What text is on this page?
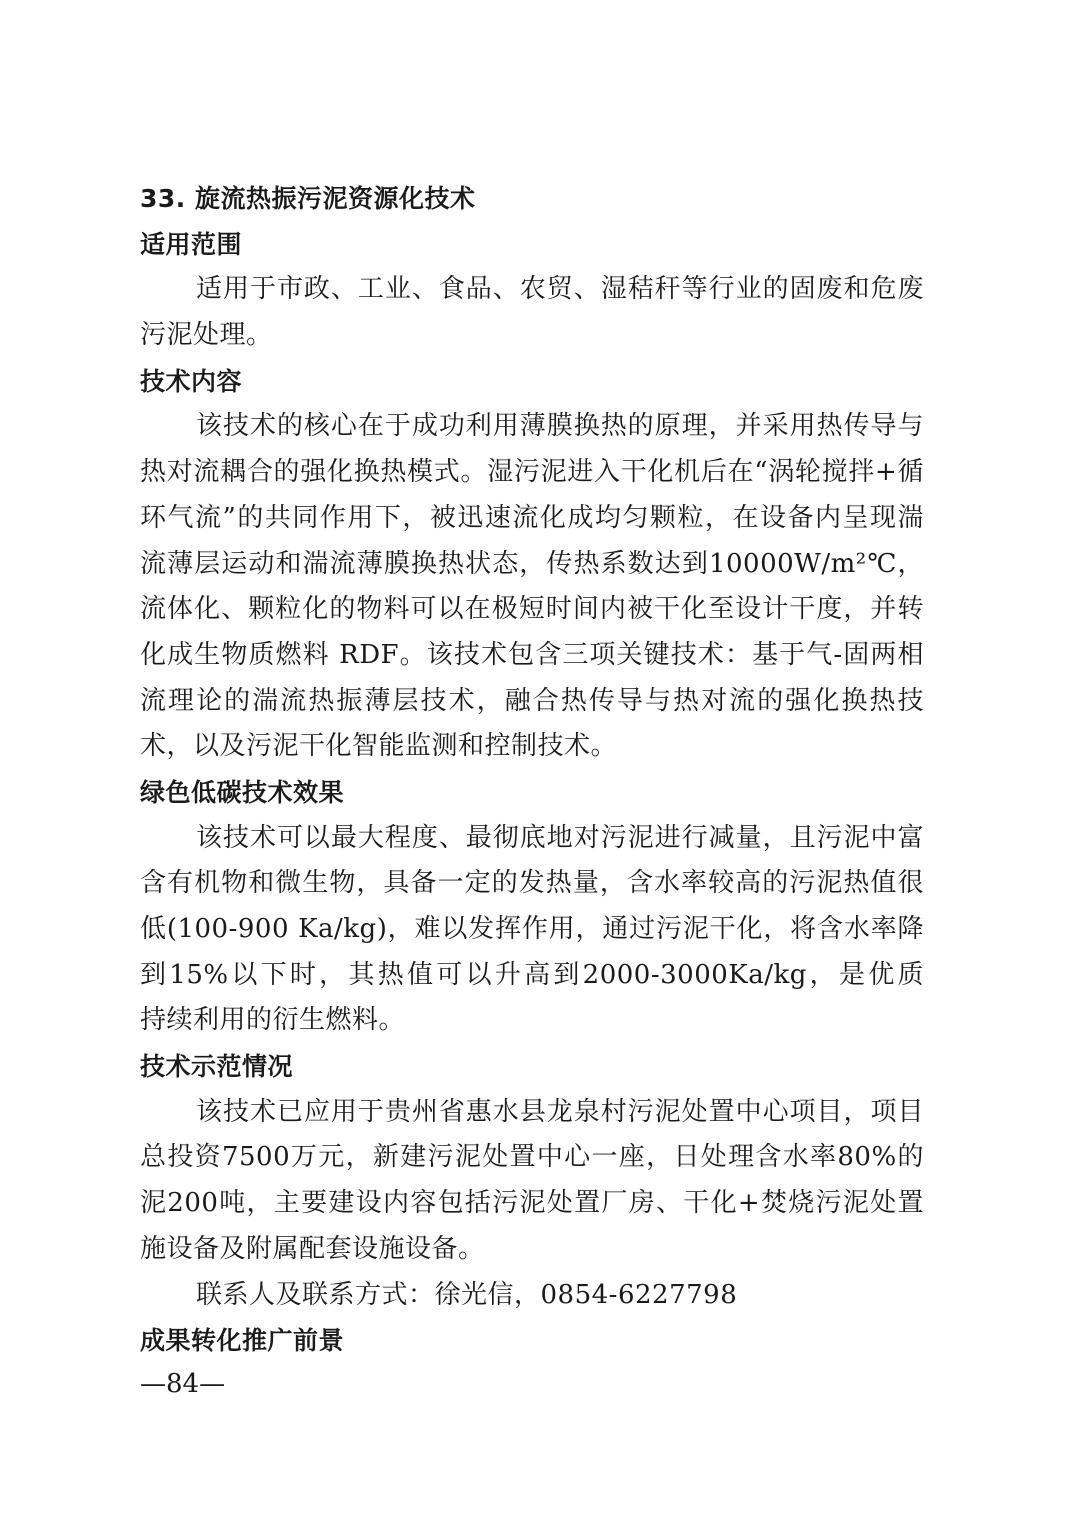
33. 旋流热振污泥资源化技术
适用范围
适用于市政、工业、食品、农贸、湿秸秆等行业的固废和危废
污泥处理。
技术内容
该技术的核心在于成功利用薄膜换热的原理，并采用热传导与
热对流耦合的强化换热模式。湿污泥进入干化机后在“涡轮搅拌+循
环气流”的共同作用下，被迅速流化成均匀颗粒，在设备内呈现湍
流薄层运动和湍流薄膜换热状态，传热系数达到10000W/m²℃，
流体化、颗粒化的物料可以在极短时间内被干化至设计干度，并转
化成生物质燃料 RDF。该技术包含三项关键技术：基于气-固两相
流理论的湍流热振薄层技术，融合热传导与热对流的强化换热技
术，以及污泥干化智能监测和控制技术。
绿色低碳技术效果
该技术可以最大程度、最彻底地对污泥进行减量，且污泥中富
含有机物和微生物，具备一定的发热量，含水率较高的污泥热值很
低(100-900 Ka/kg)，难以发挥作用，通过污泥干化，将含水率降
到15%以下时，其热值可以升高到2000-3000Ka/kg，是优质
持续利用的衍生燃料。
技术示范情况
该技术已应用于贵州省惠水县龙泉村污泥处置中心项目，项目
总投资7500万元，新建污泥处置中心一座，日处理含水率80%的
泥200吨，主要建设内容包括污泥处置厂房、干化+焚烧污泥处置
施设备及附属配套设施设备。
联系人及联系方式：徐光信，0854-6227798
成果转化推广前景
—84—
